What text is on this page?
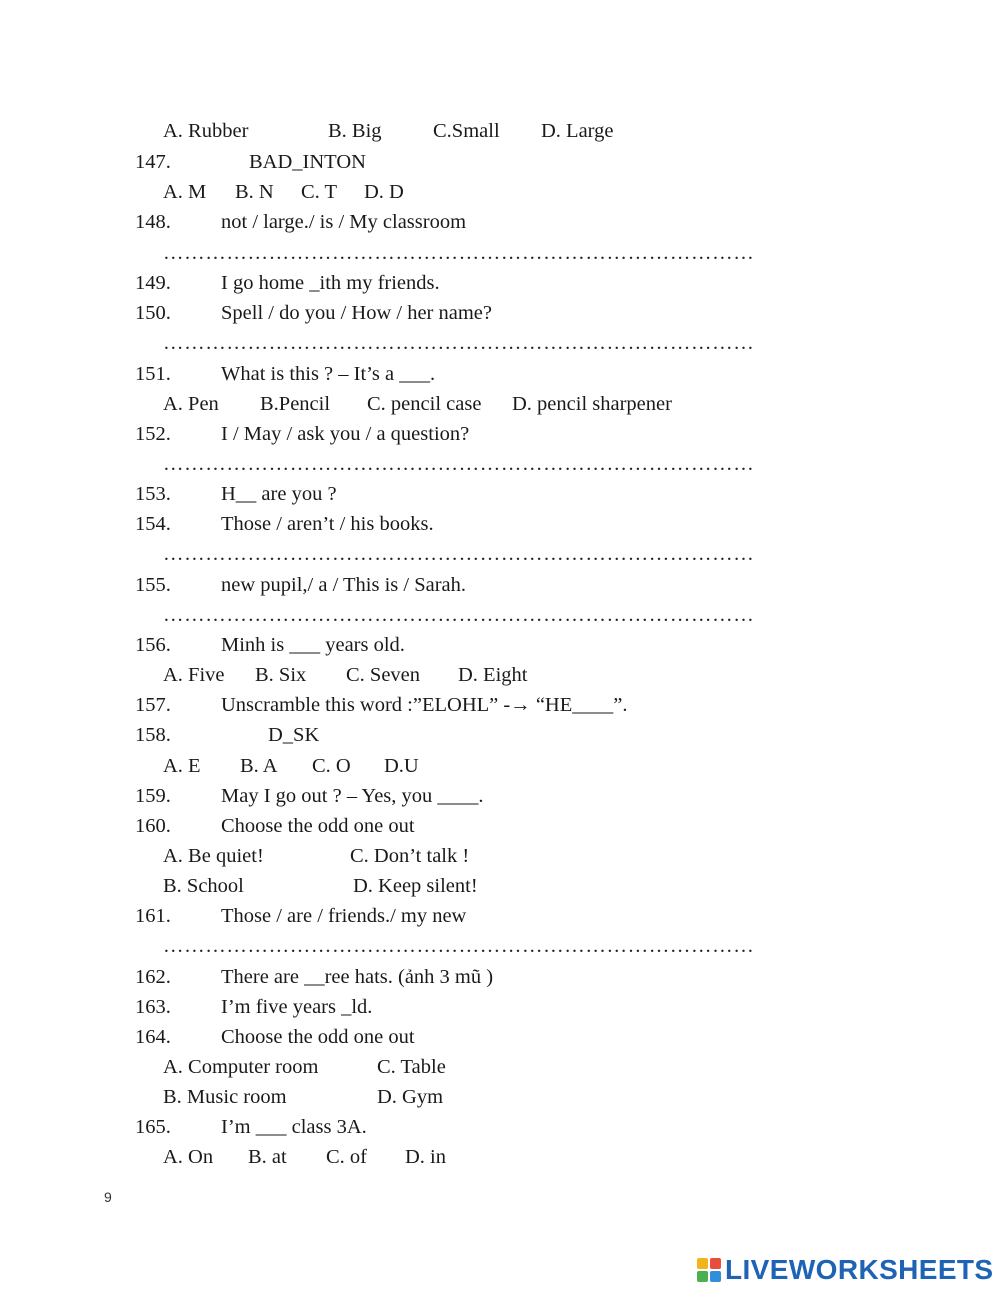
A. Rubber	B. Big	C.Small D. Large
147.	BAD_INTON
A. M B. N C. T D. D
148. not / large./ is / My classroom
…………………………………………………………………………
149. I go home _ith my friends.
150. Spell / do you / How / her name?
…………………………………………………………………………
151. What is this ? – It’s a ___.
A. Pen B.Pencil C. pencil case D. pencil sharpener
152. I / May / ask you / a question?
…………………………………………………………………………
153. H__ are you ?
154. Those / aren’t / his books.
…………………………………………………………………………
155. new pupil,/ a / This is / Sarah.
…………………………………………………………………………
156. Minh is ___ years old.
A. Five B. Six C. Seven D. Eight
157. Unscramble this word :”ELOHL” -→ “HE____”.
158.	D_SK
A. E B. A C. O D.U
159. May I go out ? – Yes, you ____.
160. Choose the odd one out
A. Be quiet!	C. Don’t talk !
B. School	D. Keep silent!
161. Those / are / friends./ my new
…………………………………………………………………………
162. There are __ree hats. (ảnh 3 mũ )
163. I’m five years _ld.
164. Choose the odd one out
A. Computer room	C. Table
B. Music room	D. Gym
165. I’m ___ class 3A.
A. On B. at C. of D. in
9
LIVEWORKSHEETS
